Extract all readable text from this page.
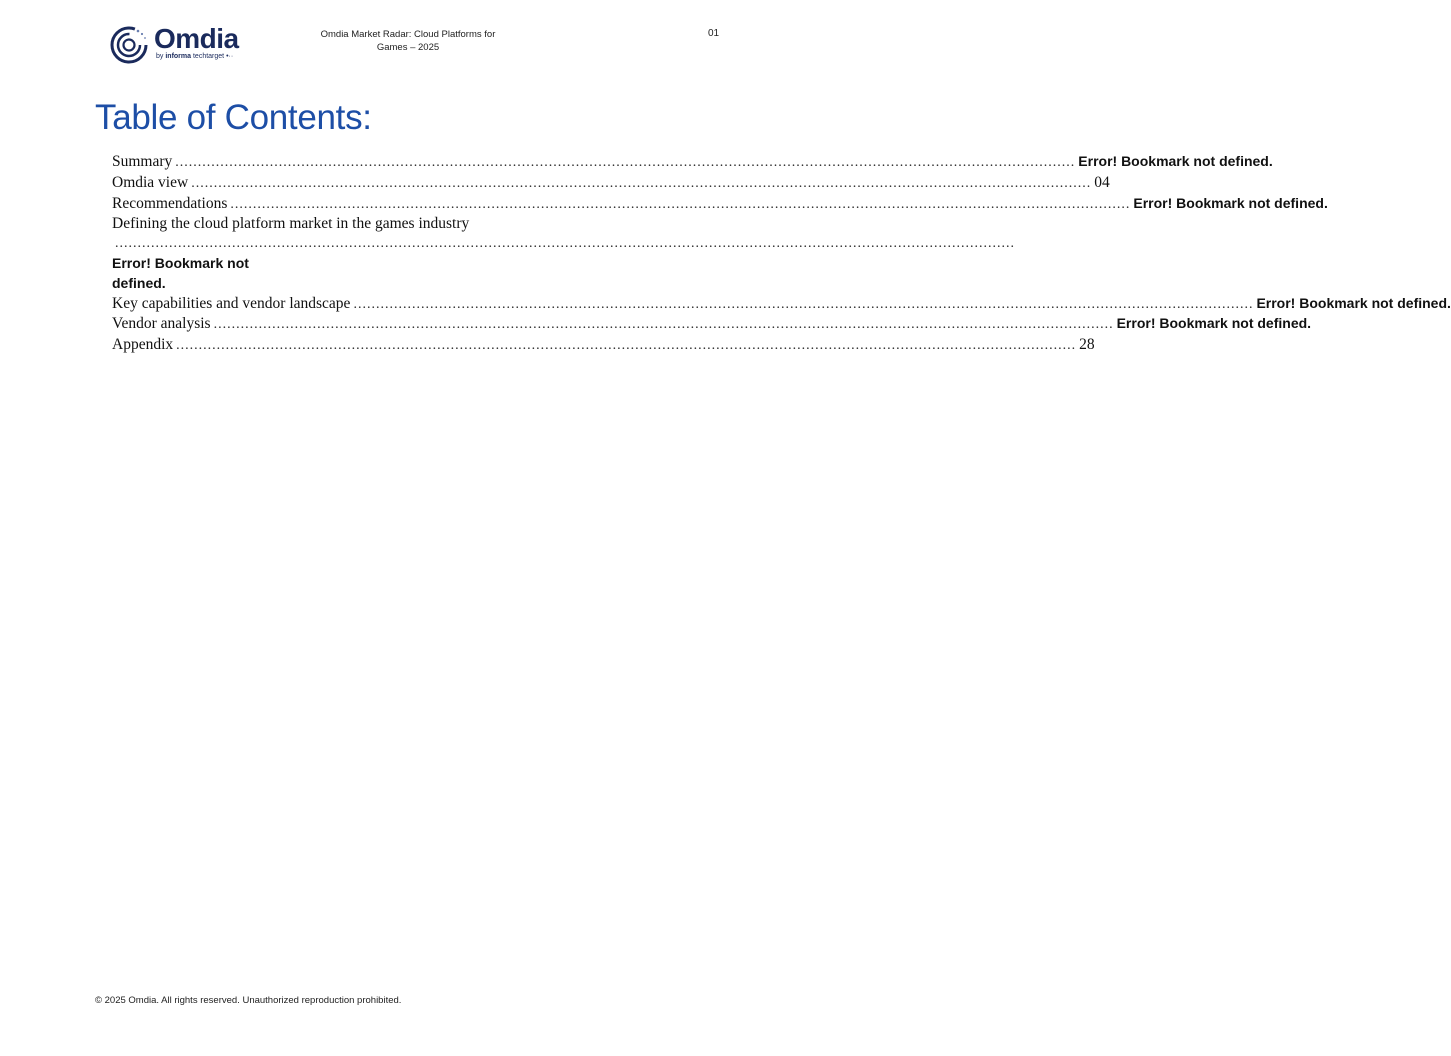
Omdia
by informa techtarget •··
Omdia Market Radar: Cloud Platforms for
Games – 2025
01
Table of Contents:
Summary ........................................................................................................................................................................................................ Error! Bookmark not defined.
Omdia view ........................................................................................................................................................................................................ 04
Recommendations ........................................................................................................................................................................................................ Error! Bookmark not defined.
Defining the cloud platform market in the games industry
........................................................................................................................................................................................................
Error! Bookmark not
defined.
Key capabilities and vendor landscape ........................................................................................................................................................................................................ Error! Bookmark not defined.
Vendor analysis ........................................................................................................................................................................................................ Error! Bookmark not defined.
Appendix ........................................................................................................................................................................................................ 28
© 2025 Omdia. All rights reserved. Unauthorized reproduction prohibited.
